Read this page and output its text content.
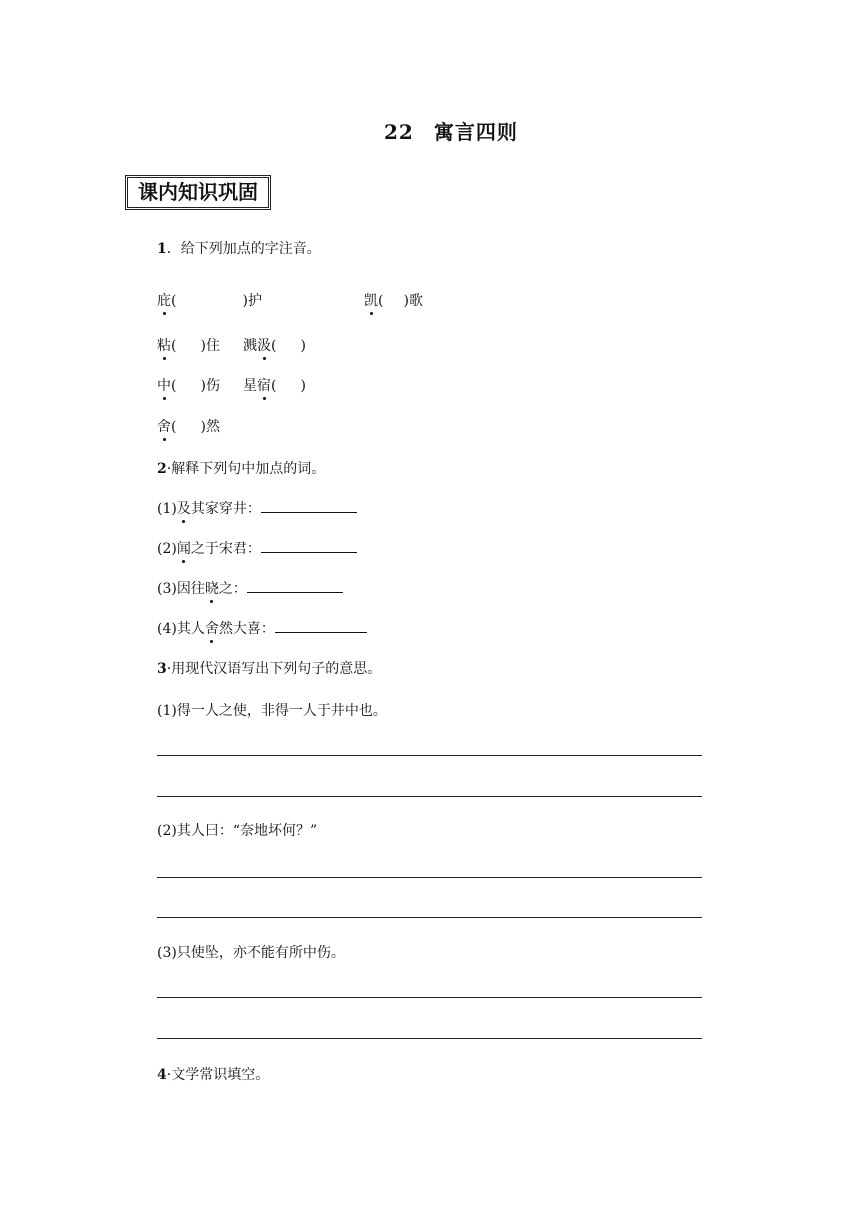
22 寓言四则
课内知识巩固
1．给下列加点的字注音。
庇(	)护	凯( )歌
粘( )住 溅汲( )
中( )伤 星宿( )
舍( )然
2·解释下列句中加点的词。
(1)及其家穿井：
(2)闻之于宋君：
(3)因往晓之：
(4)其人舍然大喜：
3·用现代汉语写出下列句子的意思。
(1)得一人之使，非得一人于井中也。
(2)其人曰：“奈地坏何？”
(3)只使坠，亦不能有所中伤。
4·文学常识填空。
